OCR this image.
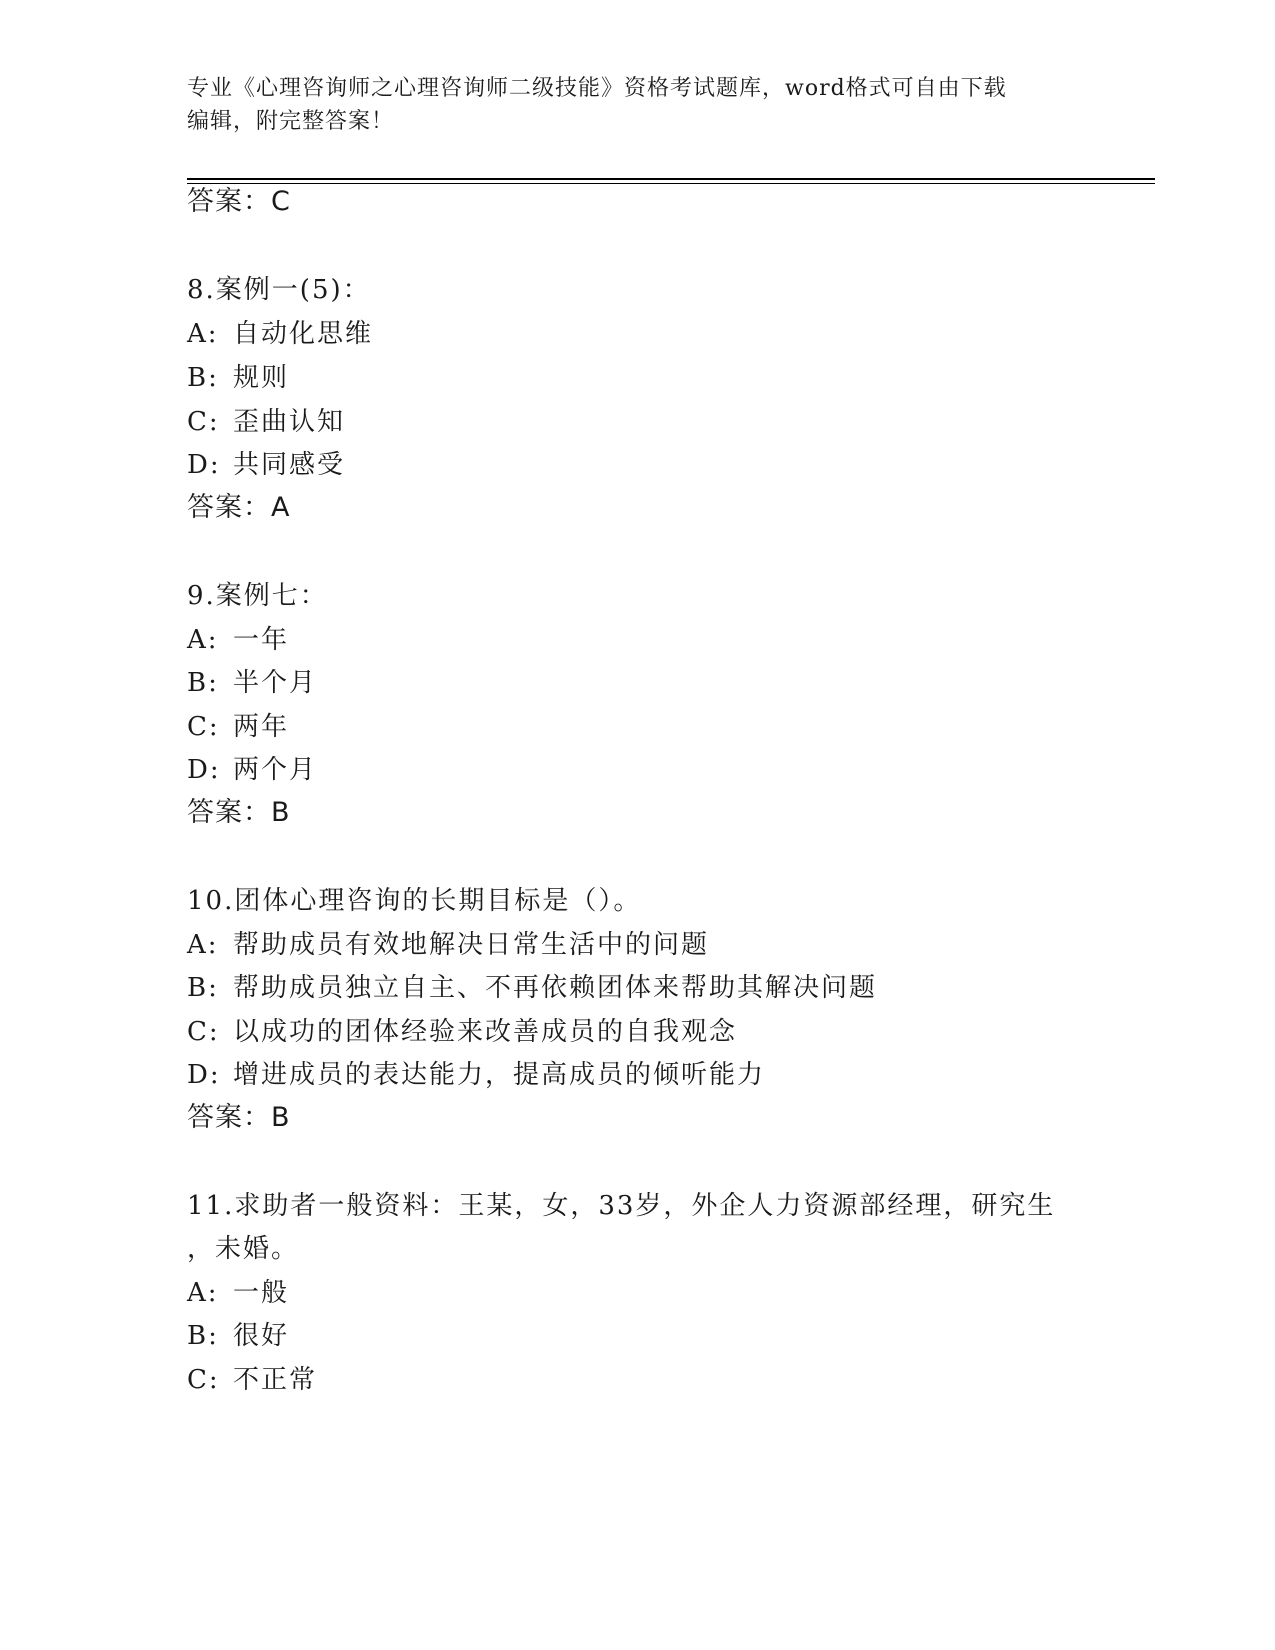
专业《心理咨询师之心理咨询师二级技能》资格考试题库，word格式可自由下载
编辑，附完整答案！
答案：C
8.案例一(5)：
A: 自动化思维
B: 规则
C: 歪曲认知
D: 共同感受
答案：A
9.案例七：
A: 一年
B: 半个月
C: 两年
D: 两个月
答案：B
10.团体心理咨询的长期目标是（）。
A: 帮助成员有效地解决日常生活中的问题
B: 帮助成员独立自主、不再依赖团体来帮助其解决问题
C: 以成功的团体经验来改善成员的自我观念
D: 增进成员的表达能力，提高成员的倾听能力
答案：B
11.求助者一般资料：王某，女，33岁，外企人力资源部经理，研究生
，未婚。
A: 一般
B: 很好
C: 不正常
